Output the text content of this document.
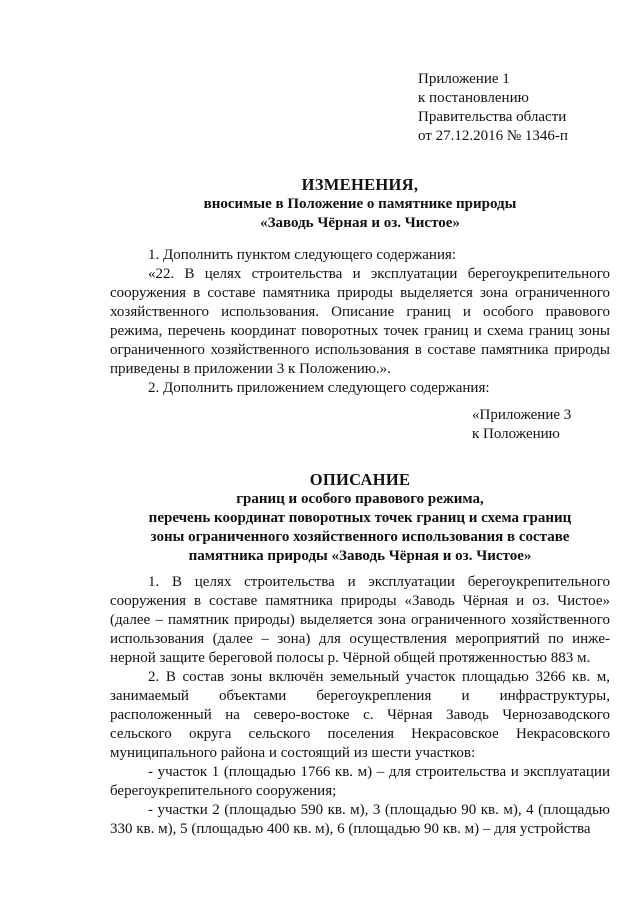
Приложение 1
к постановлению
Правительства области
от 27.12.2016 № 1346-п
ИЗМЕНЕНИЯ,
вносимые в Положение о памятнике природы
«Заводь Чёрная и оз. Чистое»

1. Дополнить пунктом следующего содержания:

«22. В целях строительства и эксплуатации берегоукрепительного сооружения в составе памятника природы выделяется зона ограниченного хозяйственного использования. Описание границ и особого правового режима, перечень координат поворотных точек границ и схема границ зоны ограниченного хозяйственного использования в составе памятника природы приведены в приложении 3 к Положению.».

2. Дополнить приложением следующего содержания:

«Приложение 3
к Положению
ОПИСАНИЕ
границ и особого правового режима,
перечень координат поворотных точек границ и схема границ
зоны ограниченного хозяйственного использования в составе
памятника природы «Заводь Чёрная и оз. Чистое»

1. В целях строительства и эксплуатации берегоукрепительного сооружения в составе памятника природы «Заводь Чёрная и оз. Чистое» (далее – памятник природы) выделяется зона ограниченного хозяйственного использования (далее – зона) для осуществления мероприятий по инже-нерной защите береговой полосы р. Чёрной общей протяженностью 883 м.

2. В состав зоны включён земельный участок площадью 3266 кв. м, занимаемый объектами берегоукрепления и инфраструктуры, расположенный на северо-востоке с. Чёрная Заводь Чернозаводского сельского округа сельского поселения Некрасовское Некрасовского муниципального района и состоящий из шести участков:

- участок 1 (площадью 1766 кв. м) – для строительства и эксплуатации берегоукрепительного сооружения;

- участки 2 (площадью 590 кв. м), 3 (площадью 90 кв. м), 4 (площадью 330 кв. м), 5 (площадью 400 кв. м), 6 (площадью 90 кв. м) – для устройства
